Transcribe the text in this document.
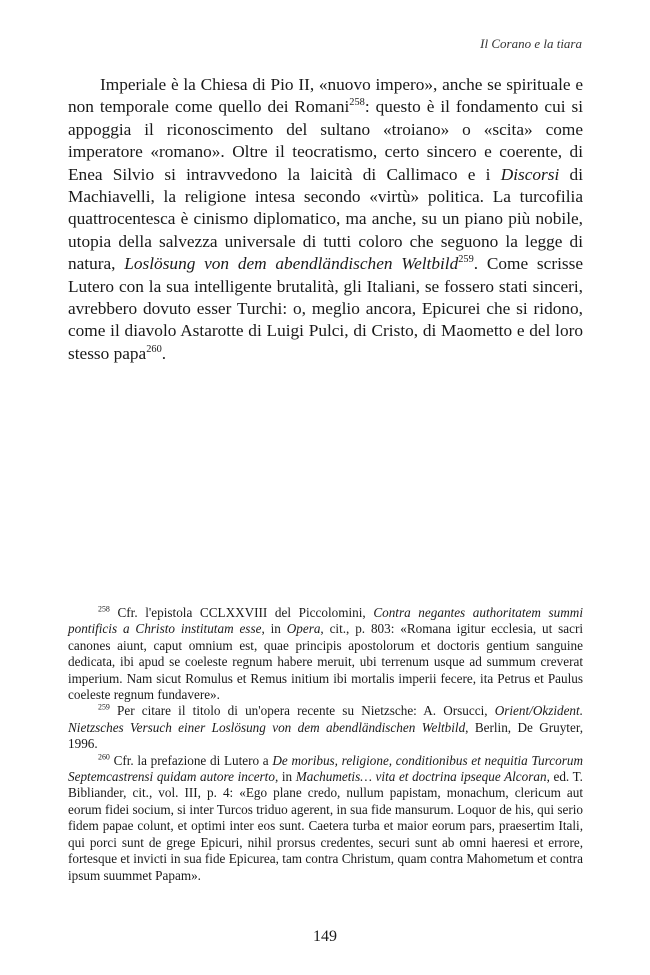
Il Corano e la tiara

Imperiale è la Chiesa di Pio II, «nuovo impero», anche se spirituale e non temporale come quello dei Romani$^{258}$: questo è il fondamento cui si appoggia il riconoscimento del sultano «troiano» o «scita» come imperatore «romano». Oltre il teocratismo, certo sincero e coerente, di Enea Silvio si intravvedono la laicità di Callimaco e i Discorsi di Machiavelli, la religione intesa secondo «virtù» politica. La turcofilia quattrocentesca è cinismo diplomatico, ma anche, su un piano più nobile, utopia della salvezza universale di tutti coloro che seguono la legge di natura, Loslösung von dem abendländischen Weltbild$^{259}$. Come scrisse Lutero con la sua intelligente brutalità, gli Italiani, se fossero stati sinceri, avrebbero dovuto esser Turchi: o, meglio ancora, Epicurei che si ridono, come il diavolo Astarotte di Luigi Pulci, di Cristo, di Maometto e del loro stesso papa$^{260}$.

$^{258}$ Cfr. l'epistola CCLXXVIII del Piccolomini, Contra negantes authoritatem summi pontificis a Christo institutam esse, in Opera, cit., p. 803: «Romana igitur ecclesia, ut sacri canones aiunt, caput omnium est, quae principis apostolorum et doctoris gentium sanguine dedicata, ibi apud se coeleste regnum habere meruit, ubi terrenum usque ad summum creverat imperium. Nam sicut Romulus et Remus initium ibi mortalis imperii fecere, ita Petrus et Paulus coeleste regnum fundavere».

$^{259}$ Per citare il titolo di un'opera recente su Nietzsche: A. Orsucci, Orient/Okzident. Nietzsches Versuch einer Loslösung von dem abendländischen Weltbild, Berlin, De Gruyter, 1996.

$^{260}$ Cfr. la prefazione di Lutero a De moribus, religione, conditionibus et nequitia Turcorum Septemcastrensi quidam autore incerto, in Machumetis… vita et doctrina ipseque Alcoran, ed. T. Bibliander, cit., vol. III, p. 4: «Ego plane credo, nullum papistam, monachum, clericum aut eorum fidei socium, si inter Turcos triduo agerent, in sua fide mansurum. Loquor de his, qui serio fidem papae colunt, et optimi inter eos sunt. Caetera turba et maior eorum pars, praesertim Itali, qui porci sunt de grege Epicuri, nihil prorsus credentes, securi sunt ab omni haeresi et errore, fortesque et invicti in sua fide Epicurea, tam contra Christum, quam contra Mahometum et contra ipsum suummet Papam».

149
